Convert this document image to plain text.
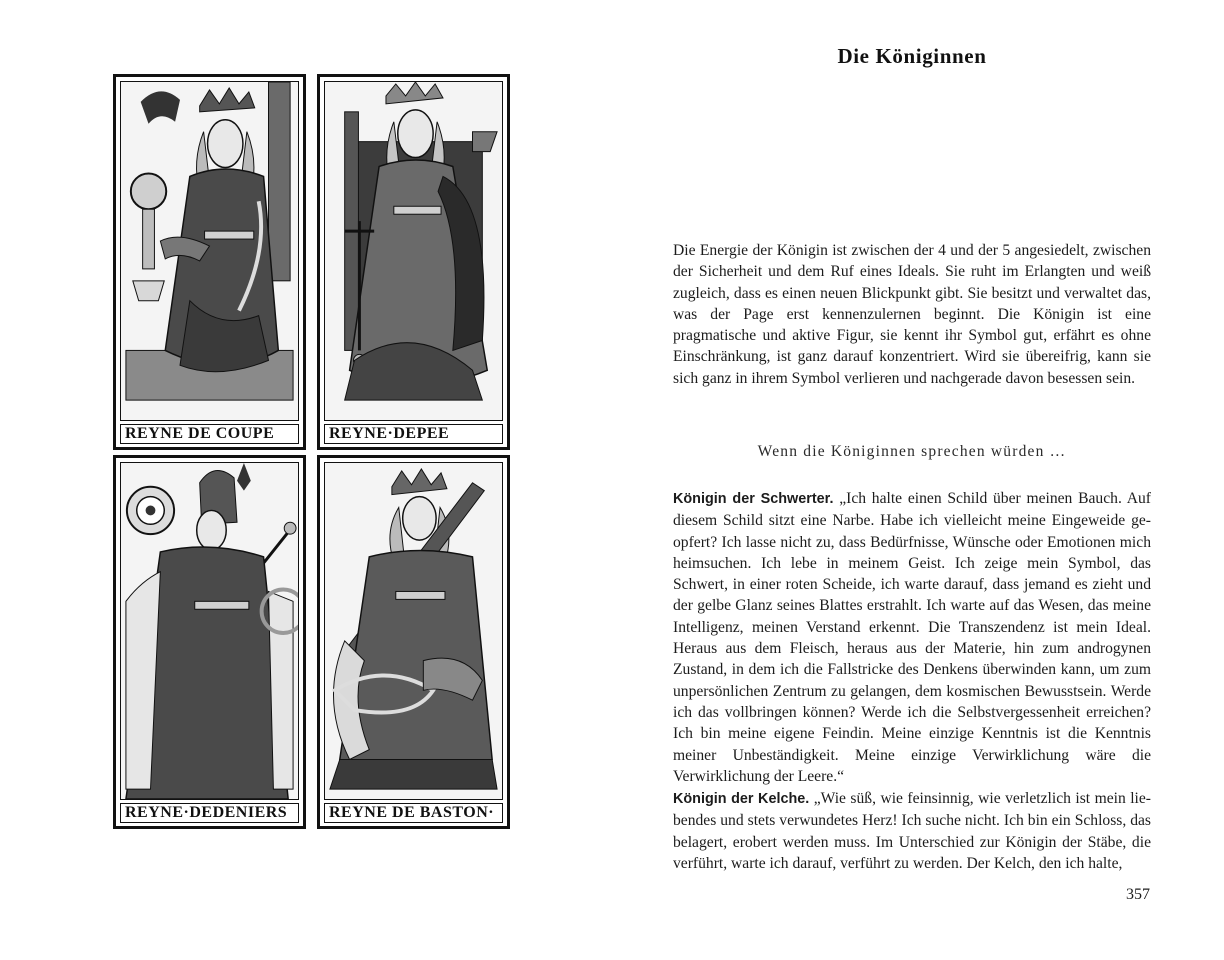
REYNE DE COUPE	REYNE·DEPEE
REYNE·DEDENIERS	REYNE DE BASTON·
Die Königinnen

Die Energie der Königin ist zwischen der 4 und der 5 angesiedelt, zwischen der Sicherheit und dem Ruf eines Ideals. Sie ruht im Erlangten und weiß zugleich, dass es einen neuen Blickpunkt gibt. Sie besitzt und verwaltet das, was der Page erst kennenzulernen beginnt. Die Königin ist eine pragmatische und aktive Figur, sie kennt ihr Symbol gut, erfährt es ohne Einschränkung, ist ganz darauf konzentriert. Wird sie übereifrig, kann sie sich ganz in ihrem Symbol verlieren und nachgerade davon besessen sein.

Wenn die Königinnen sprechen würden …

Königin der Schwerter. „Ich halte einen Schild über meinen Bauch. Auf diesem Schild sitzt eine Narbe. Habe ich vielleicht meine Eingeweide geopfert? Ich lasse nicht zu, dass Bedürfnisse, Wünsche oder Emotionen mich heimsuchen. Ich lebe in meinem Geist. Ich zeige mein Symbol, das Schwert, in einer roten Scheide, ich warte darauf, dass jemand es zieht und der gelbe Glanz seines Blattes erstrahlt. Ich warte auf das Wesen, das meine Intelligenz, meinen Verstand erkennt. Die Transzendenz ist mein Ideal. Heraus aus dem Fleisch, heraus aus der Materie, hin zum androgynen Zustand, in dem ich die Fallstricke des Denkens überwinden kann, um zum unpersönlichen Zentrum zu gelangen, dem kosmischen Bewusstsein. Werde ich das vollbringen können? Werde ich die Selbstvergessenheit erreichen? Ich bin meine eigene Feindin. Meine einzige Kenntnis ist die Kenntnis meiner Unbeständigkeit. Meine einzige Verwirklichung wäre die Verwirklichung der Leere.“

Königin der Kelche. „Wie süß, wie feinsinnig, wie verletzlich ist mein liebendes und stets verwundetes Herz! Ich suche nicht. Ich bin ein Schloss, das belagert, erobert werden muss. Im Unterschied zur Königin der Stäbe, die verführt, warte ich darauf, verführt zu werden. Der Kelch, den ich halte,

357
